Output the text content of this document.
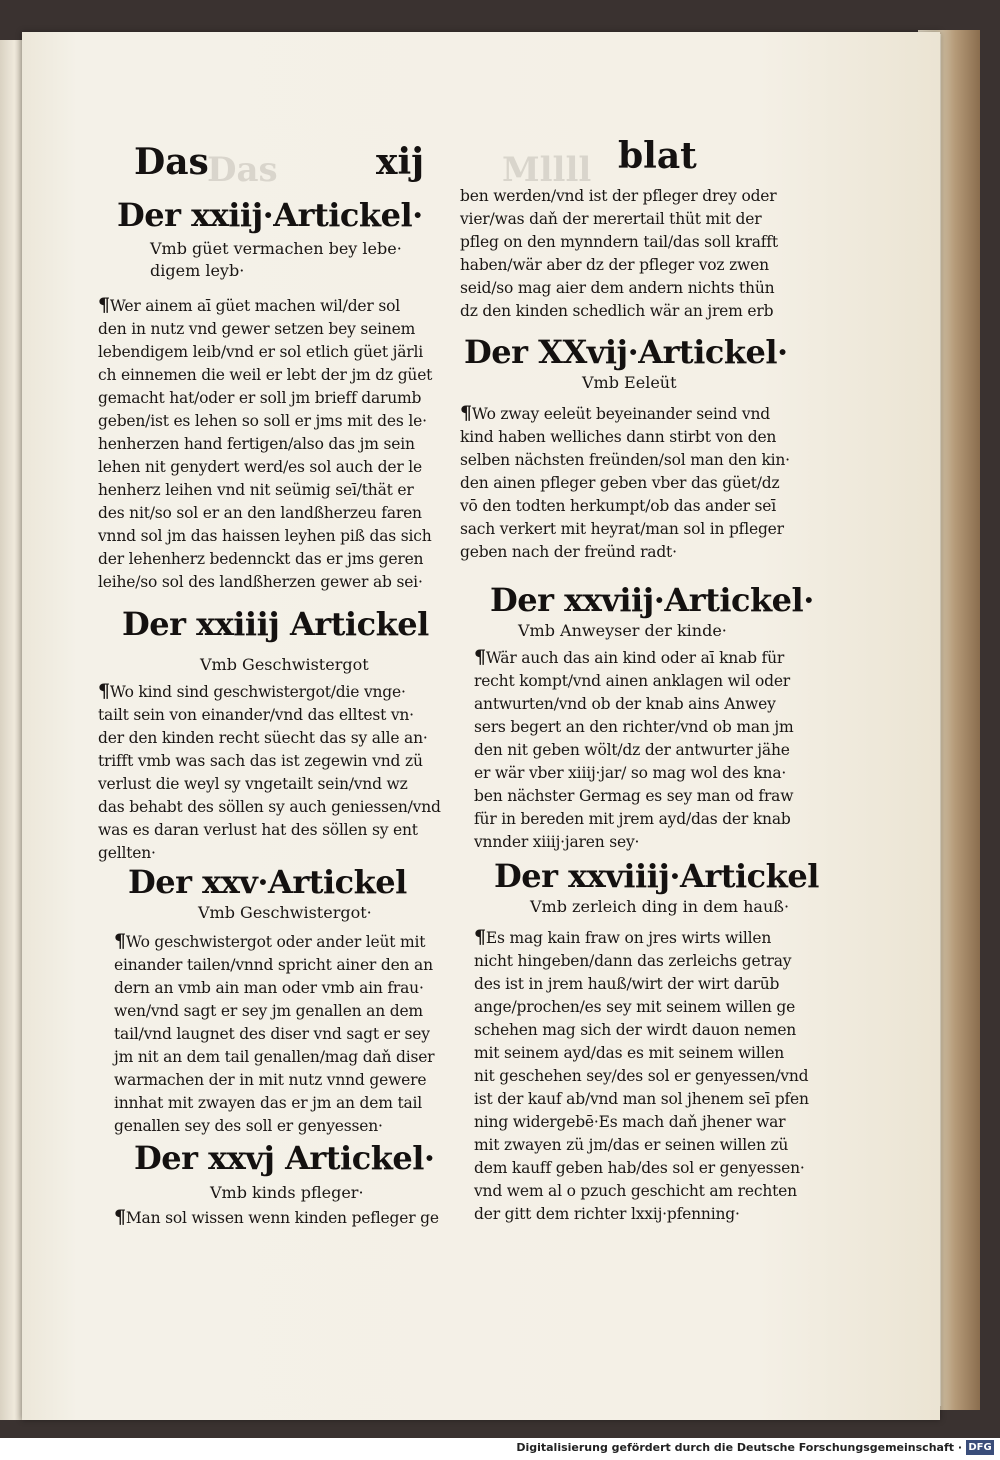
Das	Mllll
Das	xij	blat
Der xxiij·Artickel·
Vmb güet vermachen bey lebe·
digem leyb·
¶Wer ainem aī güet machen wil/der sol
den in nutz vnd gewer setzen bey seinem
lebendigem leib/vnd er sol etlich güet järli
ch einnemen die weil er lebt der jm dz güet
gemacht hat/oder er soll jm brieff darumb
geben/ist es lehen so soll er jms mit des le·
henherzen hand fertigen/also das jm sein
lehen nit genydert werd/es sol auch der le
henherz leihen vnd nit seümig seī/thät er
des nit/so sol er an den landßherzeu faren
vnnd sol jm das haissen leyhen piß das sich
der lehenherz bedennckt das er jms geren
leihe/so sol des landßherzen gewer ab sei·
Der xxiiij Artickel
Vmb Geschwistergot
¶Wo kind sind geschwistergot/die vnge·
tailt sein von einander/vnd das elltest vn·
der den kinden recht süecht das sy alle an·
trifft vmb was sach das ist zegewin vnd zü
verlust die weyl sy vngetailt sein/vnd wz
das behabt des söllen sy auch geniessen/vnd
was es daran verlust hat des söllen sy ent
gellten·
Der xxv·Artickel
Vmb Geschwistergot·
¶Wo geschwistergot oder ander leüt mit
einander tailen/vnnd spricht ainer den an
dern an vmb ain man oder vmb ain frau·
wen/vnd sagt er sey jm genallen an dem
tail/vnd laugnet des diser vnd sagt er sey
jm nit an dem tail genallen/mag daň diser
warmachen der in mit nutz vnnd gewere
innhat mit zwayen das er jm an dem tail
genallen sey des soll er genyessen·
Der xxvj Artickel·
Vmb kinds pfleger·
¶Man sol wissen wenn kinden pefleger ge
ben werden/vnd ist der pfleger drey oder
vier/was daň der merertail thüt mit der
pfleg on den mynndern tail/das soll krafft
haben/wär aber dz der pfleger voz zwen
seid/so mag aier dem andern nichts thün
dz den kinden schedlich wär an jrem erb
Der XXvij·Artickel·
Vmb Eeleüt
¶Wo zway eeleüt beyeinander seind vnd
kind haben welliches dann stirbt von den
selben nächsten freünden/sol man den kin·
den ainen pfleger geben vber das güet/dz
vō den todten herkumpt/ob das ander seī
sach verkert mit heyrat/man sol in pfleger
geben nach der freünd radt·
Der xxviij·Artickel·
Vmb Anweyser der kinde·
¶Wär auch das ain kind oder aī knab für
recht kompt/vnd ainen anklagen wil oder
antwurten/vnd ob der knab ains Anwey
sers begert an den richter/vnd ob man jm
den nit geben wölt/dz der antwurter jähe
er wär vber xiiij·jar/ so mag wol des kna·
ben nächster Germag es sey man od fraw
für in bereden mit jrem ayd/das der knab
vnnder xiiij·jaren sey·
Der xxviiij·Artickel
Vmb zerleich ding in dem hauß·
¶Es mag kain fraw on jres wirts willen
nicht hingeben/dann das zerleichs getray
des ist in jrem hauß/wirt der wirt darūb
ange/prochen/es sey mit seinem willen ge
schehen mag sich der wirdt dauon nemen
mit seinem ayd/das es mit seinem willen
nit geschehen sey/des sol er genyessen/vnd
ist der kauf ab/vnd man sol jhenem seī pfen
ning widergebē·Es mach daň jhener war
mit zwayen zü jm/das er seinen willen zü
dem kauff geben hab/des sol er genyessen·
vnd wem al o pzuch geschicht am rechten
der gitt dem richter lxxij·pfenning·
Digitalisierung gefördert durch die Deutsche Forschungsgemeinschaft · DFG
